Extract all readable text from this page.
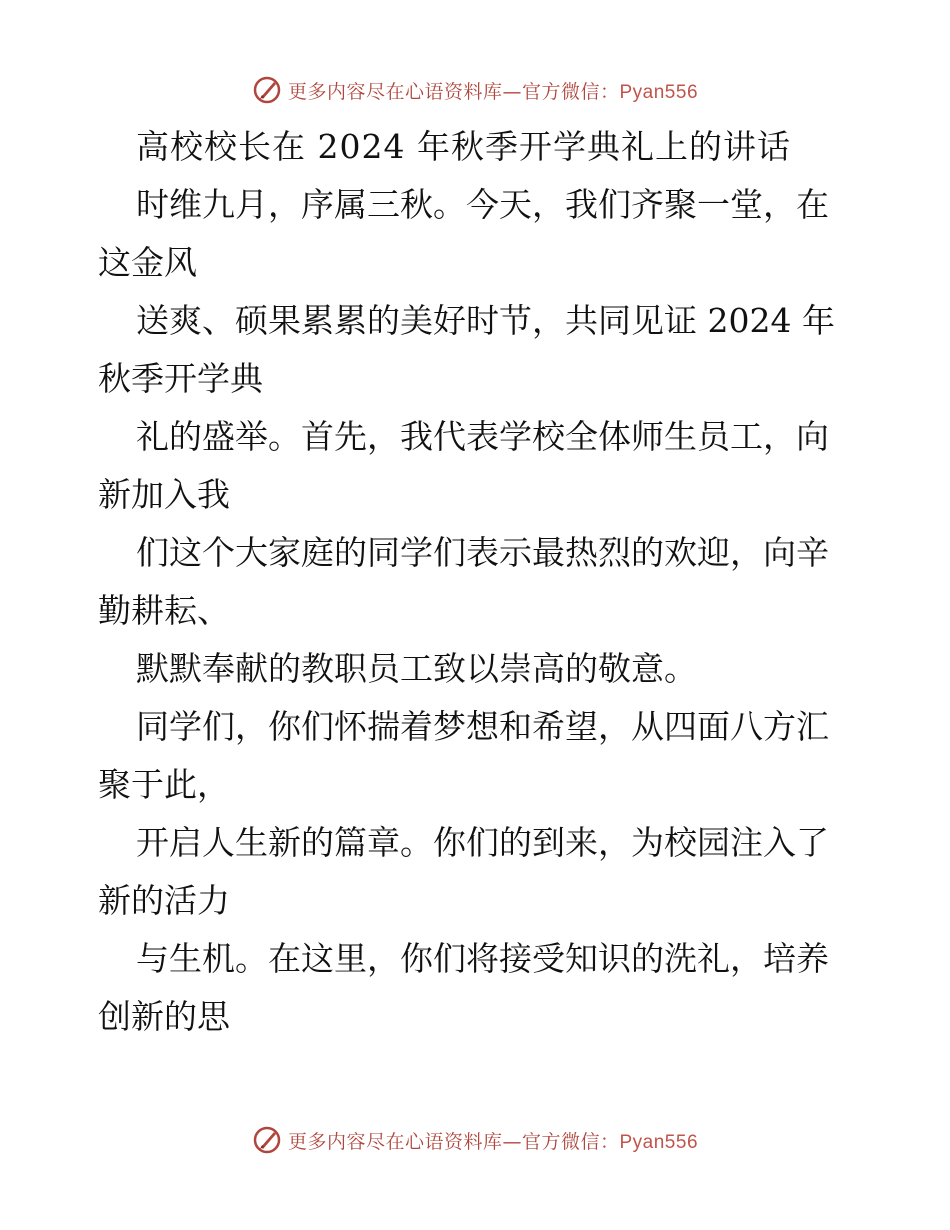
更多内容尽在心语资料库—官方微信：Pyan556
高校校长在 2024 年秋季开学典礼上的讲话
时维九月，序属三秋。今天，我们齐聚一堂，在
这金风
送爽、硕果累累的美好时节，共同见证 2024 年
秋季开学典
礼的盛举。首先，我代表学校全体师生员工，向
新加入我
们这个大家庭的同学们表示最热烈的欢迎，向辛
勤耕耘、
默默奉献的教职员工致以崇高的敬意。
同学们，你们怀揣着梦想和希望，从四面八方汇
聚于此，
开启人生新的篇章。你们的到来，为校园注入了
新的活力
与生机。在这里，你们将接受知识的洗礼，培养
创新的思
更多内容尽在心语资料库—官方微信：Pyan556
